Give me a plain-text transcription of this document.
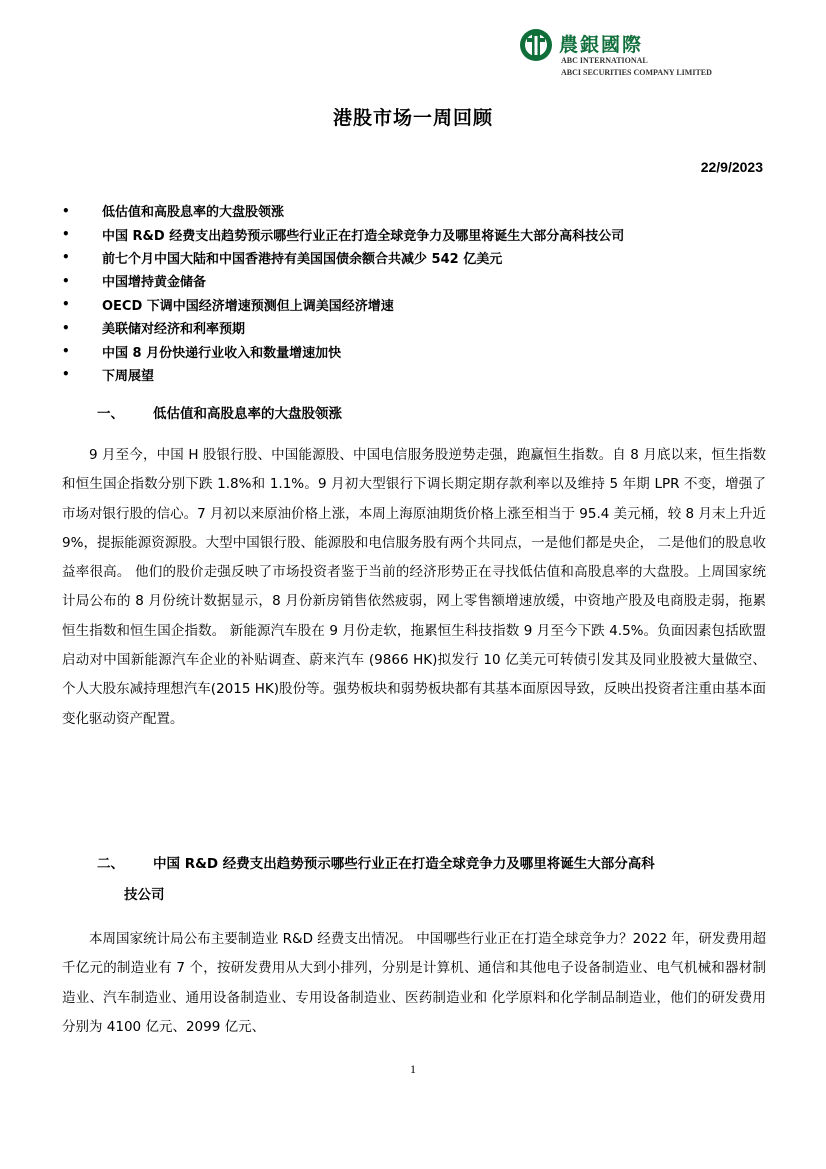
農銀國際
ABC INTERNATIONAL
ABCI SECURITIES COMPANY LIMITED
港股市场一周回顾
22/9/2023
•	低估值和高股息率的大盘股领涨
•	中国 R&D 经费支出趋势预示哪些行业正在打造全球竞争力及哪里将诞生大部分高科技公司
•	前七个月中国大陆和中国香港持有美国国债余额合共减少 542 亿美元
•	中国增持黄金储备
•	OECD 下调中国经济增速预测但上调美国经济增速
•	美联储对经济和利率预期
•	中国 8 月份快递行业收入和数量增速加快
•	下周展望
一、 低估值和高股息率的大盘股领涨

9 月至今，中国 H 股银行股、中国能源股、中国电信服务股逆势走强，跑赢恒生指数。自 8 月底以来，恒生指数和恒生国企指数分别下跌 1.8%和 1.1%。9 月初大型银行下调长期定期存款利率以及维持 5 年期 LPR 不变，增强了市场对银行股的信心。7 月初以来原油价格上涨，本周上海原油期货价格上涨至相当于 95.4 美元桶，较 8 月末上升近 9%，提振能源资源股。大型中国银行股、能源股和电信服务股有两个共同点，一是他们都是央企， 二是他们的股息收益率很高。 他们的股价走强反映了市场投资者鉴于当前的经济形势正在寻找低估值和高股息率的大盘股。上周国家统计局公布的 8 月份统计数据显示，8 月份新房销售依然疲弱，网上零售额增速放缓，中资地产股及电商股走弱，拖累恒生指数和恒生国企指数。 新能源汽车股在 9 月份走软，拖累恒生科技指数 9 月至今下跌 4.5%。负面因素包括欧盟启动对中国新能源汽车企业的补贴调查、蔚来汽车 (9866 HK)拟发行 10 亿美元可转债引发其及同业股被大量做空、个人大股东减持理想汽车(2015 HK)股份等。强势板块和弱势板块都有其基本面原因导致，反映出投资者注重由基本面变化驱动资产配置。

二、 中国 R&D 经费支出趋势预示哪些行业正在打造全球竞争力及哪里将诞生大部分高科
技公司

本周国家统计局公布主要制造业 R&D 经费支出情况。 中国哪些行业正在打造全球竞争力？2022 年，研发费用超千亿元的制造业有 7 个，按研发费用从大到小排列，分别是计算机、通信和其他电子设备制造业、电气机械和器材制造业、汽车制造业、通用设备制造业、专用设备制造业、医药制造业和 化学原料和化学制品制造业，他们的研发费用分别为 4100 亿元、2099 亿元、

1
